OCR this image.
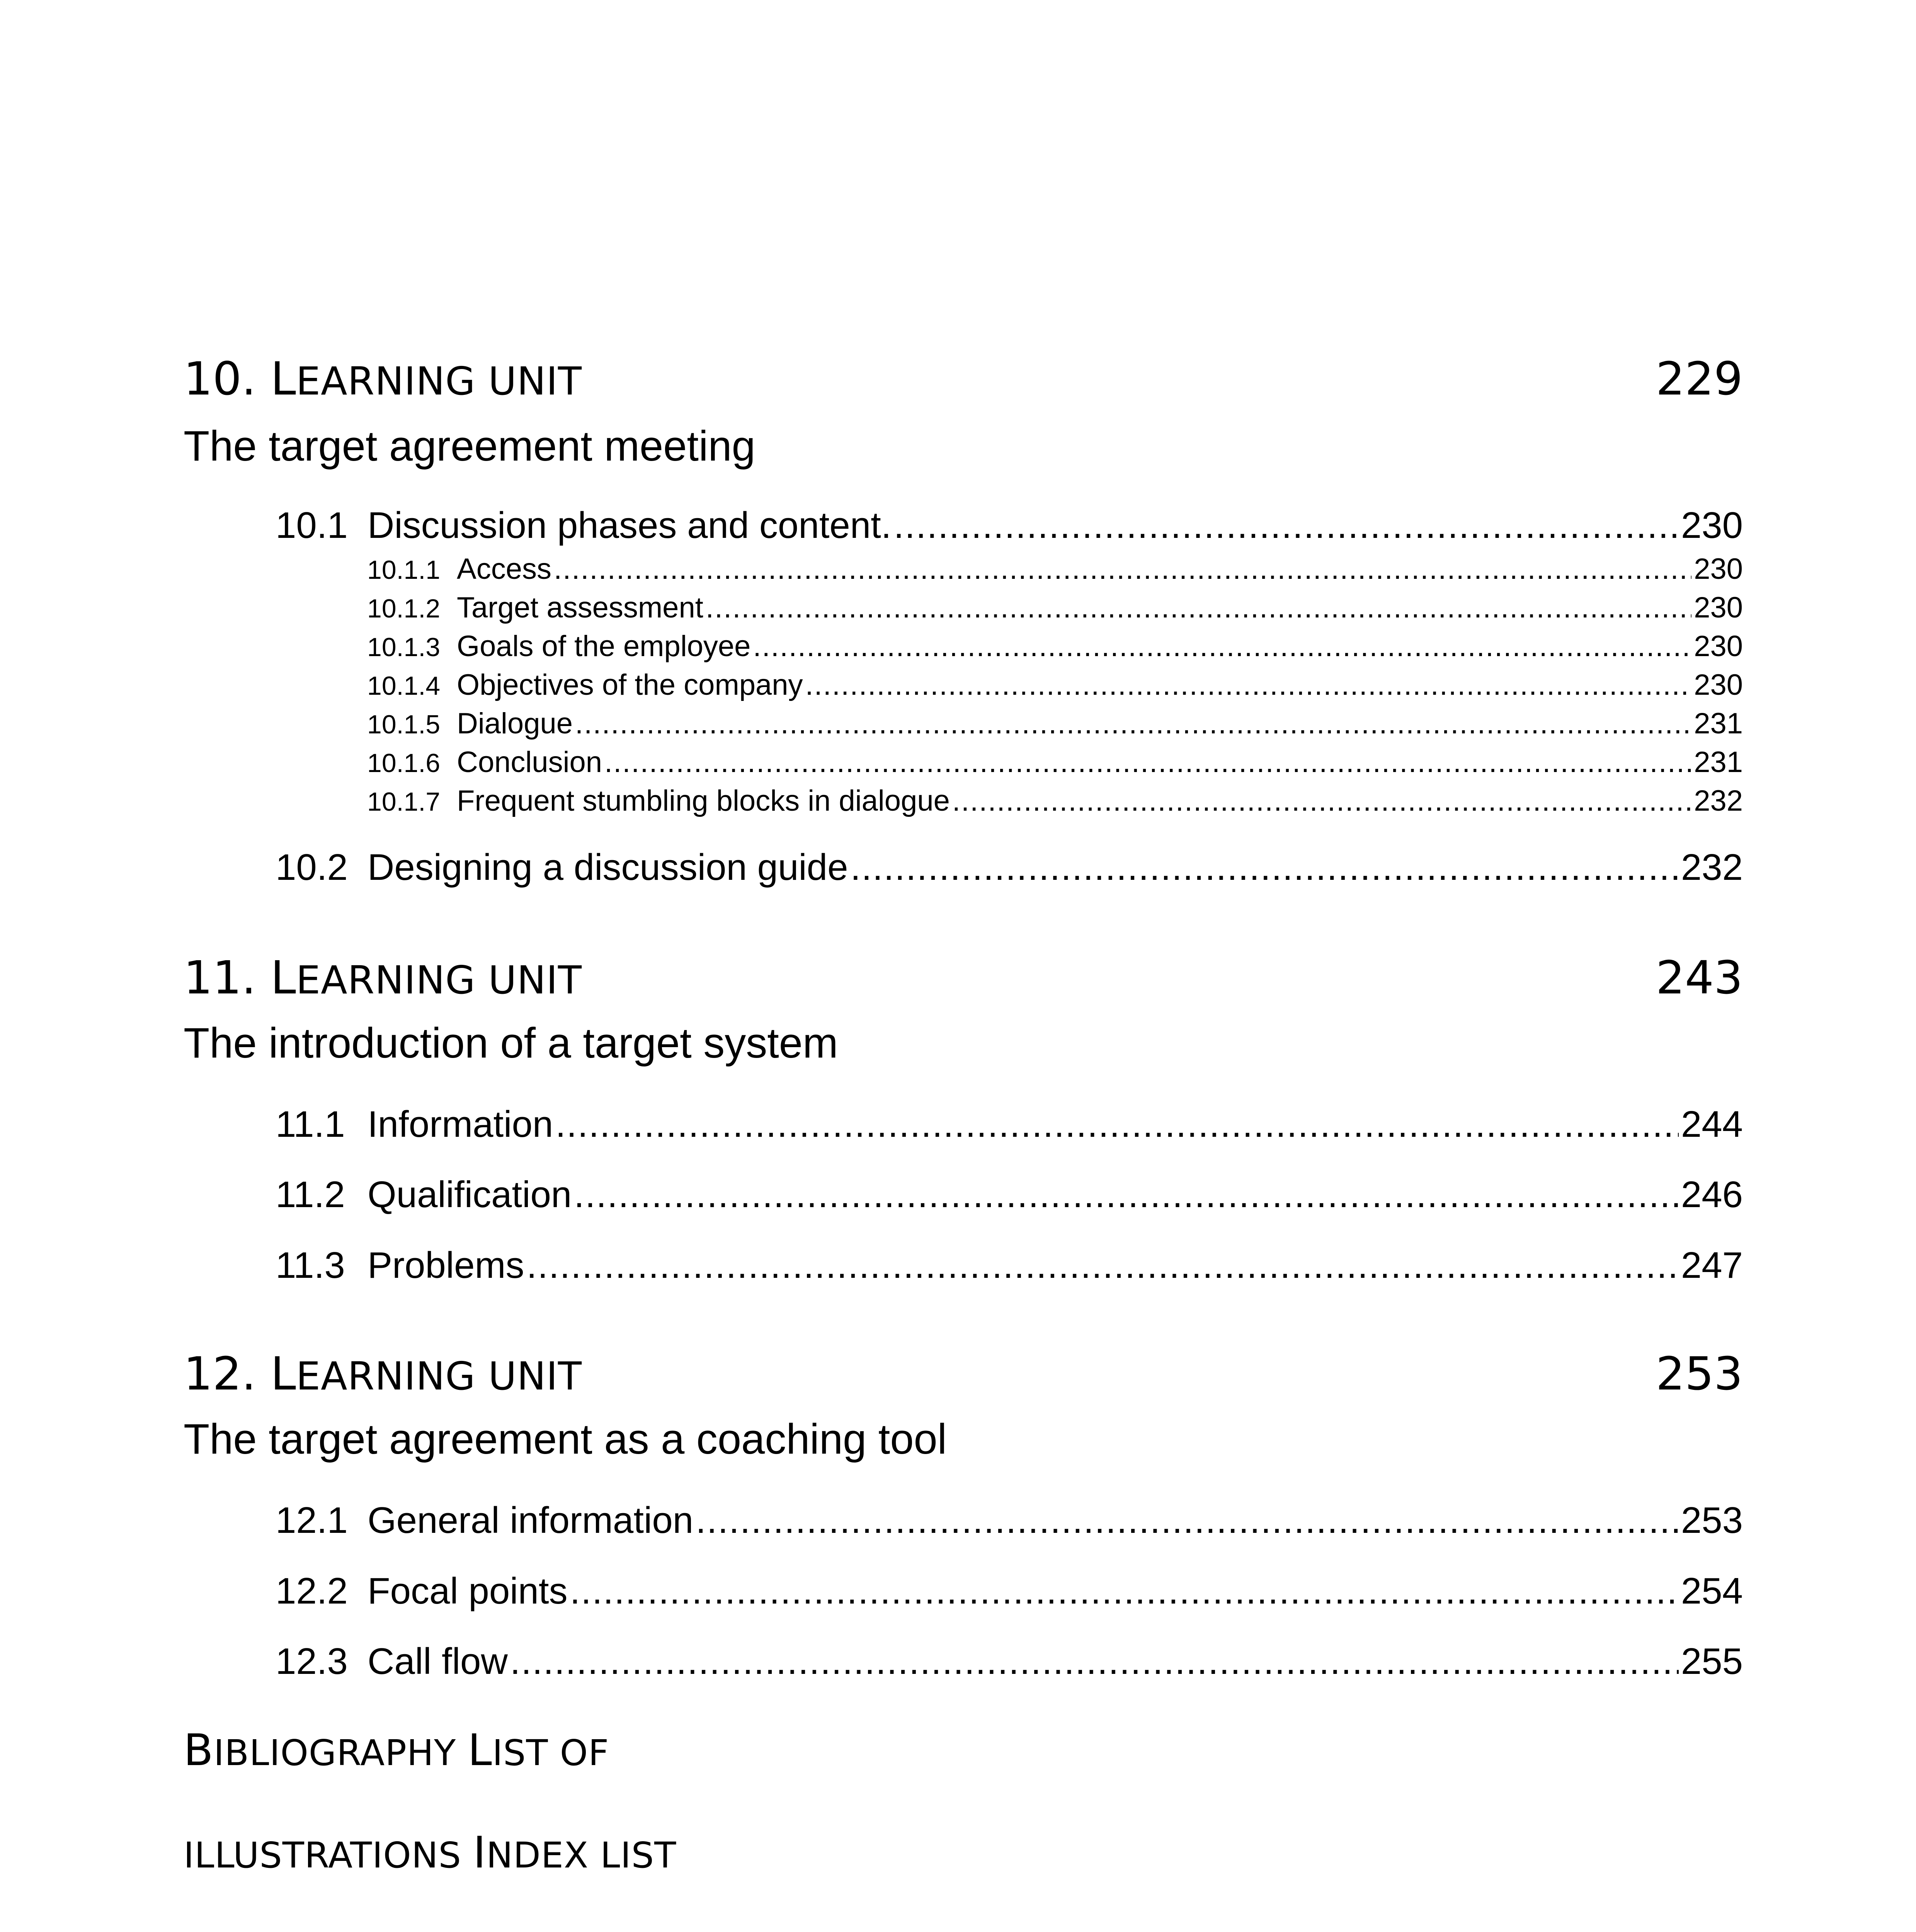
10. LEARNING UNIT	229
The target agreement meeting
10.1 Discussion phases and content. .....	230
10.1.1 Access .....	230
10.1.2 Target assessment .....	230
10.1.3 Goals of the employee .....	230
10.1.4 Objectives of the company .....	230
10.1.5 Dialogue .....	231
10.1.6 Conclusion .....	231
10.1.7 Frequent stumbling blocks in dialogue .....	232
10.2 Designing a discussion guide .....	232
11. LEARNING UNIT	243
The introduction of a target system
11.1 Information .....	244
11.2 Qualification .....	246
11.3 Problems .....	247
12. LEARNING UNIT	253
The target agreement as a coaching tool
12.1 General information .....	253
12.2 Focal points .....	254
12.3 Call flow .....	255
BIBLIOGRAPHY LIST OF
ILLUSTRATIONS INDEX LIST
